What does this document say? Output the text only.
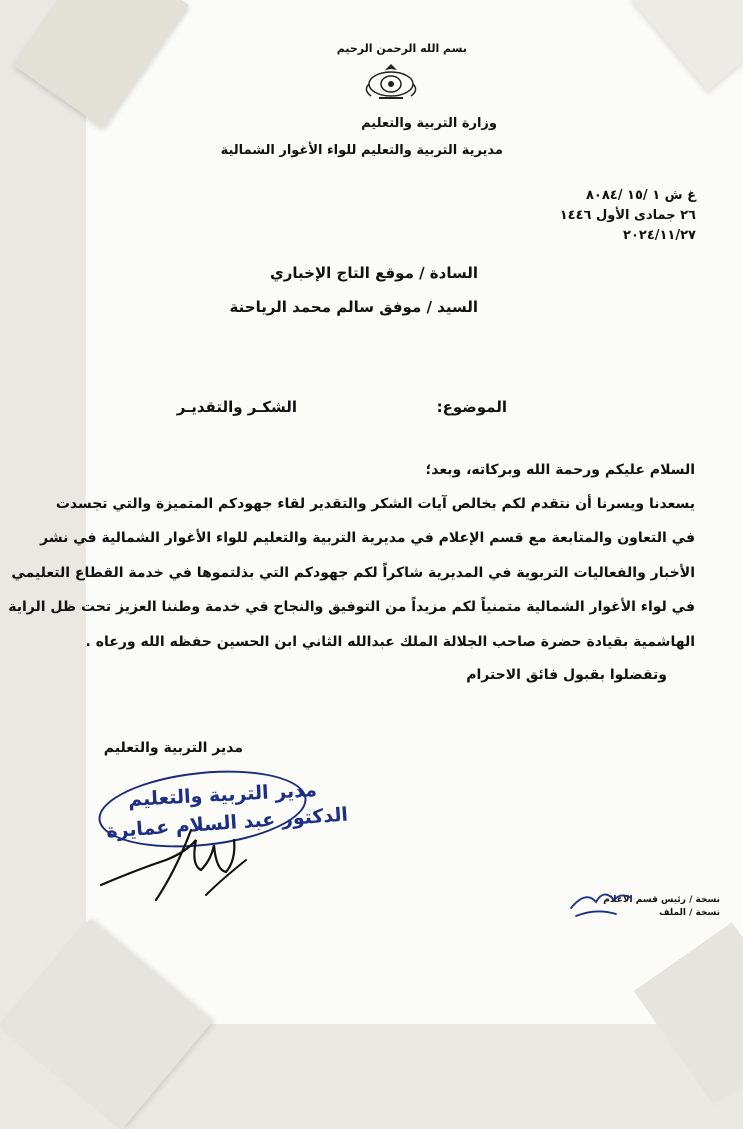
بسم الله الرحمن الرحيم
وزارة التربية والتعليم
مديرية التربية والتعليم للواء الأغوار الشمالية
غ ش ١ /١٥ /٨٠٨٤
٢٦ جمادى الأول ١٤٤٦
٢٠٢٤/١١/٢٧
السادة / موقع التاج الإخباري
السيد / موفق سالم محمد الرياحنة
الموضوع:
الشكـر والتقديـر
السلام عليكم ورحمة الله وبركاته، وبعد؛
يسعدنا ويسرنا أن نتقدم لكم بخالص آيات الشكر والتقدير لقاء جهودكم المتميزة والتي تجسدت
في التعاون والمتابعة مع قسم الإعلام في مديرية التربية والتعليم للواء الأغوار الشمالية في نشر
الأخبار والفعاليات التربوية في المديرية شاكراً لكم جهودكم التي بذلتموها في خدمة القطاع التعليمي
في لواء الأغوار الشمالية متمنياً لكم مزيداً من التوفيق والنجاح في خدمة وطننا العزيز تحت ظل الراية
الهاشمية بقيادة حضرة صاحب الجلالة الملك عبدالله الثاني ابن الحسين حفظه الله ورعاه .
وتفضلوا بقبول فائق الاحترام
مدير التربية والتعليم
مدير التربية والتعليم
الدكتور عبد السلام عمايرة
نسخة / رئيس قسم الاعلام
نسخة / الملف
